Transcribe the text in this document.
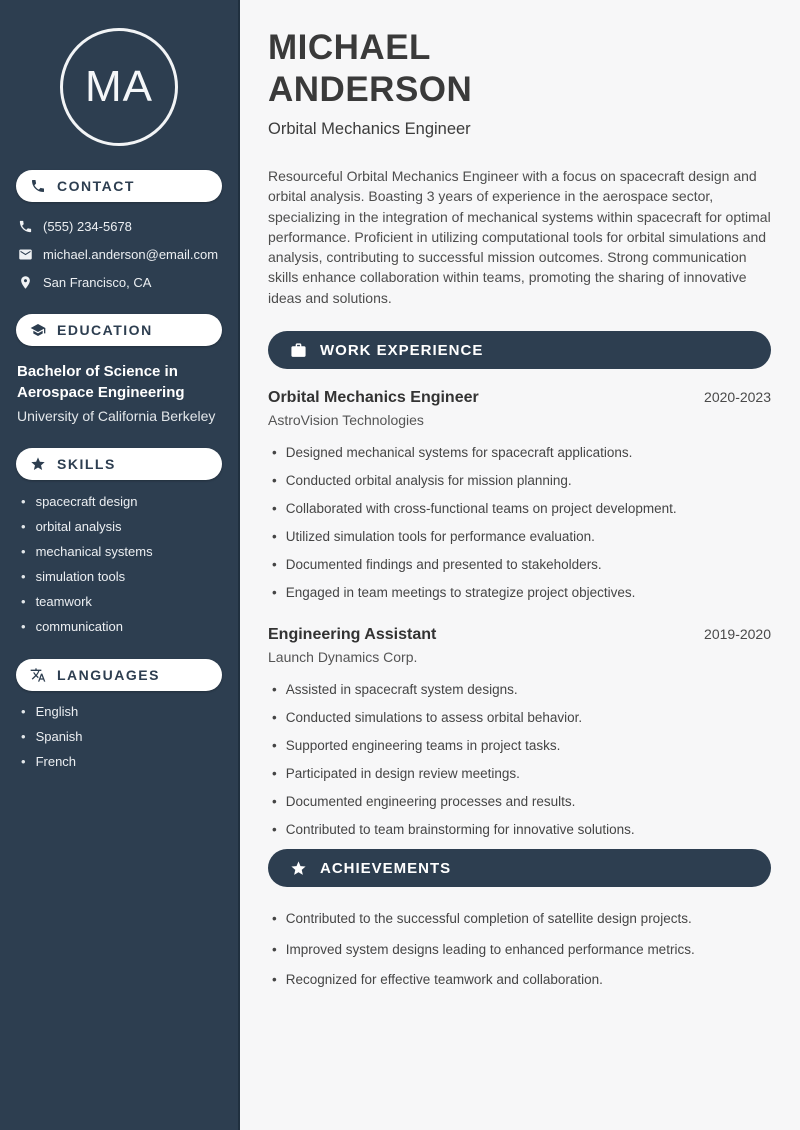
MA
CONTACT
(555) 234-5678
michael.anderson@email.com
San Francisco, CA
EDUCATION
Bachelor of Science in Aerospace Engineering
University of California Berkeley
SKILLS
• spacecraft design
• orbital analysis
• mechanical systems
• simulation tools
• teamwork
• communication
LANGUAGES
• English
• Spanish
• French
MICHAEL
ANDERSON
Orbital Mechanics Engineer

Resourceful Orbital Mechanics Engineer with a focus on spacecraft design and orbital analysis. Boasting 3 years of experience in the aerospace sector, specializing in the integration of mechanical systems within spacecraft for optimal performance. Proficient in utilizing computational tools for orbital simulations and analysis, contributing to successful mission outcomes. Strong communication skills enhance collaboration within teams, promoting the sharing of innovative ideas and solutions.

WORK EXPERIENCE
Orbital Mechanics Engineer	2020-2023
AstroVision Technologies
• Designed mechanical systems for spacecraft applications.
• Conducted orbital analysis for mission planning.
• Collaborated with cross-functional teams on project development.
• Utilized simulation tools for performance evaluation.
• Documented findings and presented to stakeholders.
• Engaged in team meetings to strategize project objectives.
Engineering Assistant	2019-2020
Launch Dynamics Corp.
• Assisted in spacecraft system designs.
• Conducted simulations to assess orbital behavior.
• Supported engineering teams in project tasks.
• Participated in design review meetings.
• Documented engineering processes and results.
• Contributed to team brainstorming for innovative solutions.
ACHIEVEMENTS
• Contributed to the successful completion of satellite design projects.
• Improved system designs leading to enhanced performance metrics.
• Recognized for effective teamwork and collaboration.
